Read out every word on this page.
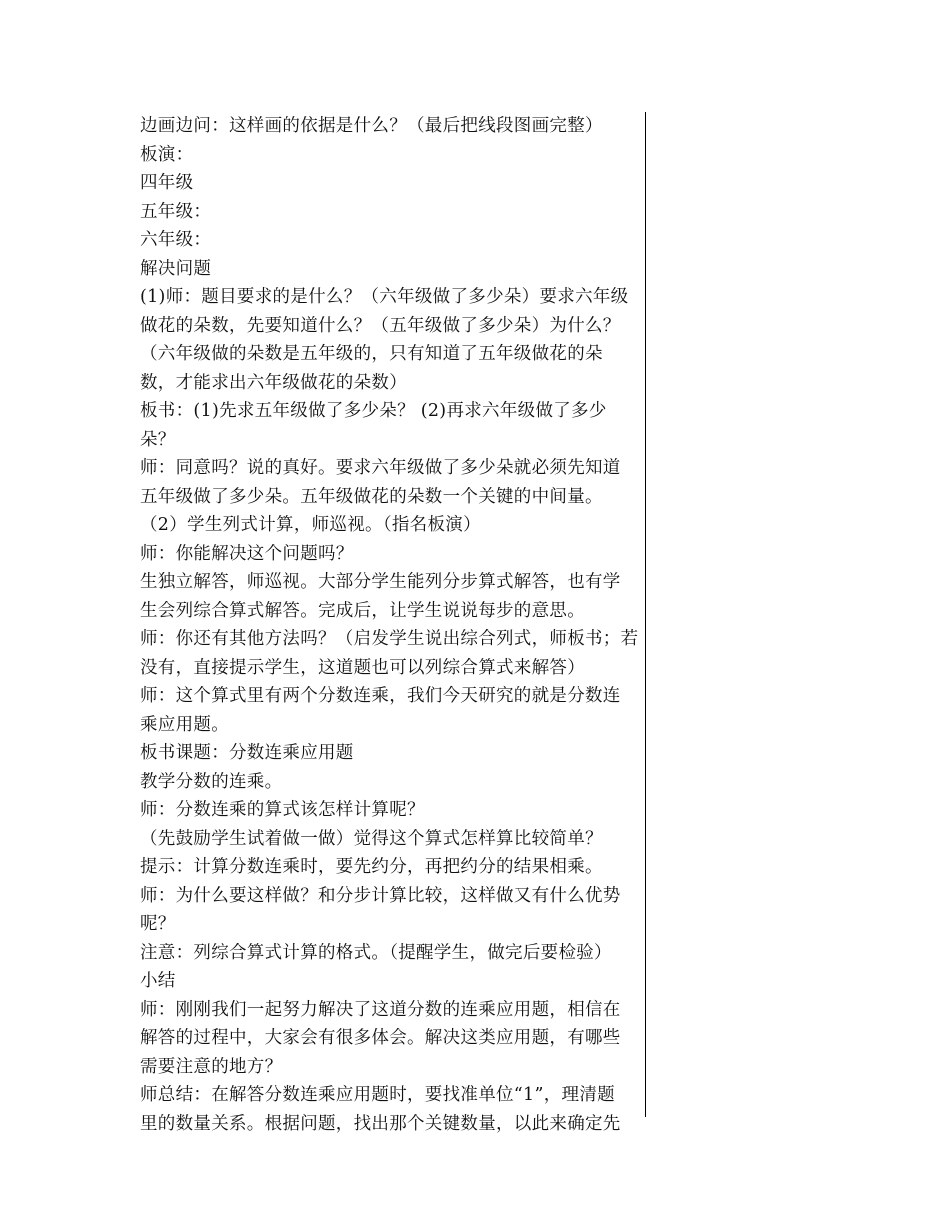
边画边问：这样画的依据是什么？（最后把线段图画完整）
板演：
四年级
五年级：
六年级：
解决问题
(1)师：题目要求的是什么？（六年级做了多少朵）要求六年级
做花的朵数，先要知道什么？（五年级做了多少朵）为什么？
（六年级做的朵数是五年级的，只有知道了五年级做花的朵
数，才能求出六年级做花的朵数）
板书：(1)先求五年级做了多少朵？ (2)再求六年级做了多少
朵？
师：同意吗？说的真好。要求六年级做了多少朵就必须先知道
五年级做了多少朵。五年级做花的朵数一个关键的中间量。
（2）学生列式计算，师巡视。（指名板演）
师：你能解决这个问题吗？
生独立解答，师巡视。大部分学生能列分步算式解答，也有学
生会列综合算式解答。完成后，让学生说说每步的意思。
师：你还有其他方法吗？（启发学生说出综合列式，师板书；若
没有，直接提示学生，这道题也可以列综合算式来解答）
师：这个算式里有两个分数连乘，我们今天研究的就是分数连
乘应用题。
板书课题：分数连乘应用题
教学分数的连乘。
师：分数连乘的算式该怎样计算呢？
（先鼓励学生试着做一做）觉得这个算式怎样算比较简单？
提示：计算分数连乘时，要先约分，再把约分的结果相乘。
师：为什么要这样做？和分步计算比较，这样做又有什么优势
呢？
注意：列综合算式计算的格式。（提醒学生，做完后要检验）
小结
师：刚刚我们一起努力解决了这道分数的连乘应用题，相信在
解答的过程中，大家会有很多体会。解决这类应用题，有哪些
需要注意的地方？
师总结：在解答分数连乘应用题时，要找准单位“1”，理清题
里的数量关系。根据问题，找出那个关键数量，以此来确定先
